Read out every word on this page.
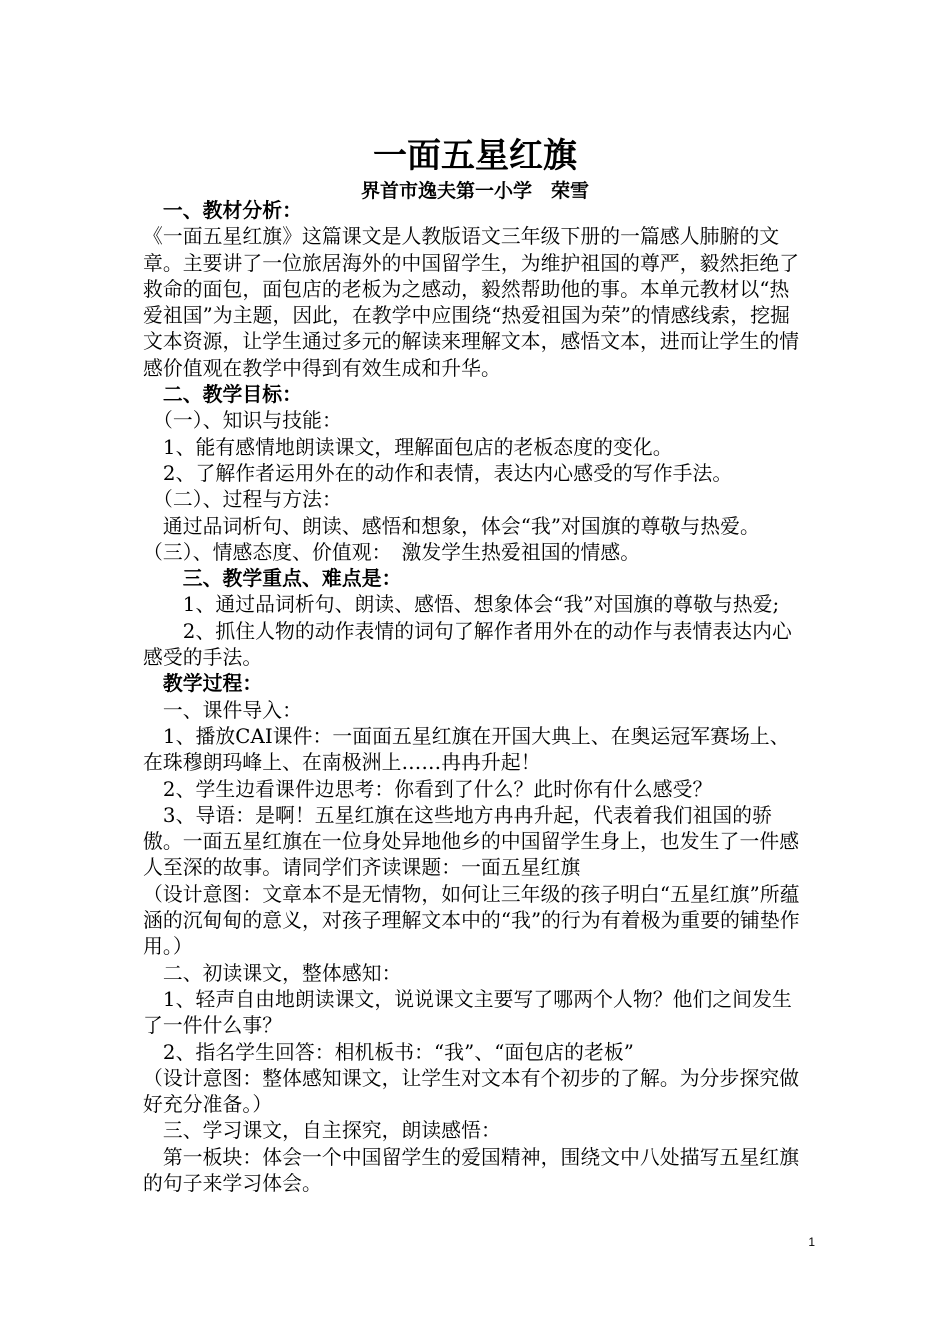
一面五星红旗
界首市逸夫第一小学　荣雪

　一、教材分析：

《一面五星红旗》这篇课文是人教版语文三年级下册的一篇感人肺腑的文章。主要讲了一位旅居海外的中国留学生，为维护祖国的尊严，毅然拒绝了救命的面包，面包店的老板为之感动，毅然帮助他的事。本单元教材以“热爱祖国”为主题，因此，在教学中应围绕“热爱祖国为荣”的情感线索，挖掘文本资源，让学生通过多元的解读来理解文本，感悟文本，进而让学生的情感价值观在教学中得到有效生成和升华。

　二、教学目标：

　（一）、知识与技能：

　1、能有感情地朗读课文，理解面包店的老板态度的变化。

　2、了解作者运用外在的动作和表情，表达内心感受的写作手法。

　（二）、过程与方法：

　通过品词析句、朗读、感悟和想象，体会“我”对国旗的尊敬与热爱。

（三）、情感态度、价值观：　激发学生热爱祖国的情感。

　　三、教学重点、难点是：

　　1、通过品词析句、朗读、感悟、想象体会“我”对国旗的尊敬与热爱;

　　2、抓住人物的动作表情的词句了解作者用外在的动作与表情表达内心感受的手法。

　教学过程：

　一、课件导入：

　1、播放CAI课件：一面面五星红旗在开国大典上、在奥运冠军赛场上、在珠穆朗玛峰上、在南极洲上……冉冉升起！

　2、学生边看课件边思考：你看到了什么？此时你有什么感受？

　3、导语：是啊！五星红旗在这些地方冉冉升起，代表着我们祖国的骄傲。一面五星红旗在一位身处异地他乡的中国留学生身上，也发生了一件感人至深的故事。请同学们齐读课题：一面五星红旗

（设计意图：文章本不是无情物，如何让三年级的孩子明白“五星红旗”所蕴涵的沉甸甸的意义，对孩子理解文本中的“我”的行为有着极为重要的铺垫作用。）

　二、初读课文，整体感知：

　1、轻声自由地朗读课文，说说课文主要写了哪两个人物？他们之间发生了一件什么事？

　2、指名学生回答：相机板书：“我”、“面包店的老板”

（设计意图：整体感知课文，让学生对文本有个初步的了解。为分步探究做好充分准备。）

　三、学习课文，自主探究，朗读感悟：

　第一板块：体会一个中国留学生的爱国精神，围绕文中八处描写五星红旗的句子来学习体会。

1
